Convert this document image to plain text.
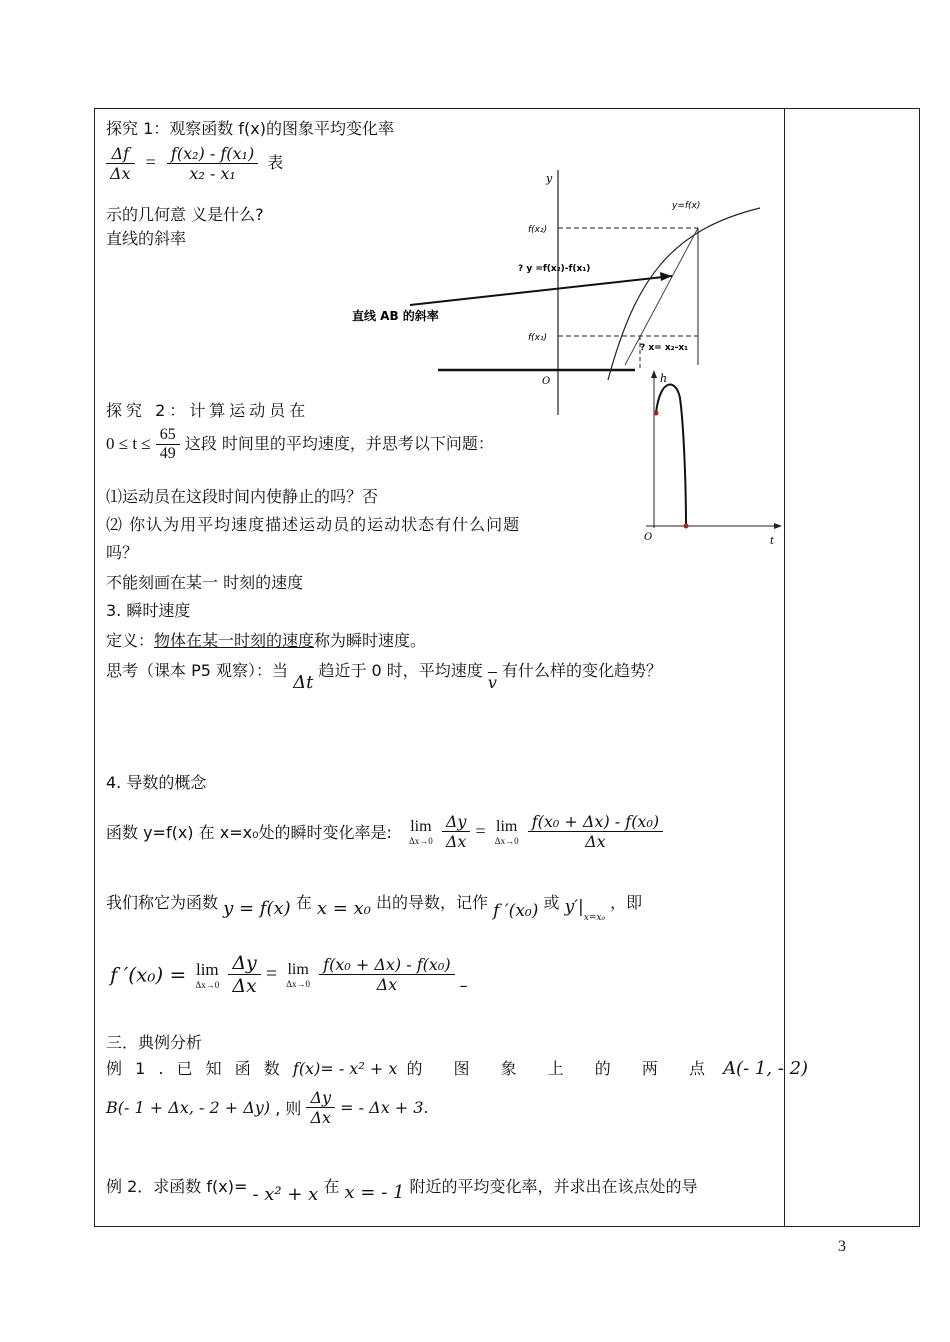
探究 1：观察函数 f(x)的图象平均变化率
$\frac{\Delta f}{\Delta x} = \frac{\text{f(x₂) - f(x₁)}}{\text{x₂ - x₁}}$ 表
示的几何意 义是什么?
直线的斜率
y
O
y=f(x)
f(x₂)
f(x₁)
? y =f(x₂)-f(x₁)
? x= x₂-x₁
直线 AB 的斜率
探究 2：计算运动员在
$0 \le t \le \frac{65}{49}$ 这段 时间里的平均速度，并思考以下问题：
⑴运动员在这段时间内使静止的吗？否
⑵ 你认为用平均速度描述运动员的运动状态有什么问题
吗？
不能刻画在某一 时刻的速度
h
O	t
3. 瞬时速度
定义：物体在某一时刻的速度称为瞬时速度。
思考（课本 P5 观察）：当 Δt 趋近于 0 时，平均速度 $\overline{v}$ 有什么样的变化趋势？
4. 导数的概念
函数 y=f(x) 在 x=x₀处的瞬时变化率是:	lim
Δx→0
$\frac{\Delta y}{\Delta x} = \lim$
Δx→0
$\frac{\text{f(x₀ + Δx) - f(x₀)}}{\Delta x}$
我们称它为函数 y = f(x) 在 x = x₀ 出的导数，记作 f ′(x₀) 或 $y'|_{x=x_0}$ ，即
f ′(x₀) = lim
Δx→0
$\frac{\Delta y}{\Delta x} = \lim$
Δx→0
$\frac{\text{f(x₀ + Δx) - f(x₀)}}{\Delta x}$ –
三．典例分析
例 1 . 已 知 函 数 f(x)= - x² + x 的 图 象 上 的 两 点 A(- 1, - 2)
B(- 1 + Δx, - 2 + Δy) , 则 $\frac{\Delta y}{\Delta x}$ = - Δx + 3.
例 2．求函数 f(x)= - x² + x 在 x = - 1 附近的平均变化率，并求出在该点处的导
3
